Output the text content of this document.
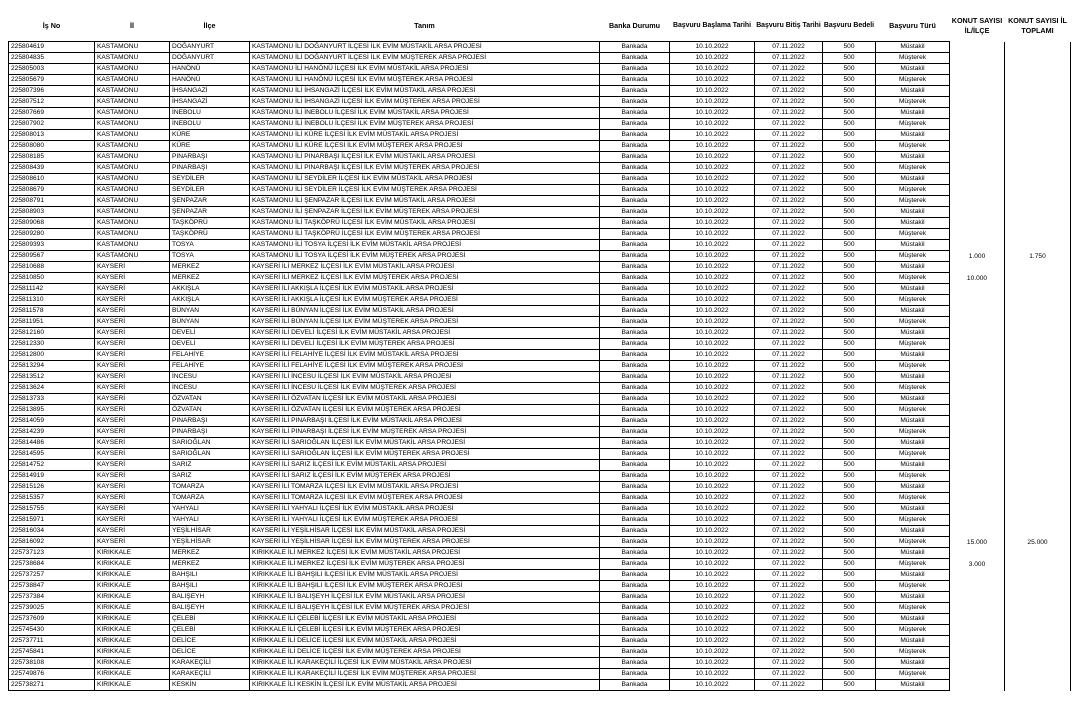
İş No	İl	İlçe	Tanım	Banka Durumu	Başvuru Başlama Tarihi	Başvuru Bitiş Tarihi	Başvuru Bedeli	Başvuru Türü	KONUT SAYISI İL/İLÇE	KONUT SAYISI İL TOPLAMI
225804619	KASTAMONU	DOĞANYURT	KASTAMONU İLİ DOĞANYURT İLÇESİ İLK EVİM MÜSTAKİL ARSA PROJESİ	Bankada	10.10.2022	07.11.2022	500	Müstakil		
225804835	KASTAMONU	DOĞANYURT	KASTAMONU İLİ DOĞANYURT İLÇESİ İLK EVİM MÜŞTEREK ARSA PROJESİ	Bankada	10.10.2022	07.11.2022	500	Müşterek		
225805003	KASTAMONU	HANÖNÜ	KASTAMONU İLİ HANÖNÜ İLÇESİ İLK EVİM MÜSTAKİL ARSA PROJESİ	Bankada	10.10.2022	07.11.2022	500	Müstakil		
225805679	KASTAMONU	HANÖNÜ	KASTAMONU İLİ HANÖNÜ İLÇESİ İLK EVİM MÜŞTEREK ARSA PROJESİ	Bankada	10.10.2022	07.11.2022	500	Müşterek		
225807396	KASTAMONU	İHSANGAZİ	KASTAMONU İLİ İHSANGAZİ İLÇESİ İLK EVİM MÜSTAKİL ARSA PROJESİ	Bankada	10.10.2022	07.11.2022	500	Müstakil		
225807512	KASTAMONU	İHSANGAZİ	KASTAMONU İLİ İHSANGAZİ İLÇESİ İLK EVİM MÜŞTEREK ARSA PROJESİ	Bankada	10.10.2022	07.11.2022	500	Müşterek		
225807669	KASTAMONU	İNEBOLU	KASTAMONU İLİ İNEBOLU İLÇESİ İLK EVİM MÜSTAKİL ARSA PROJESİ	Bankada	10.10.2022	07.11.2022	500	Müstakil		
225807902	KASTAMONU	İNEBOLU	KASTAMONU İLİ İNEBOLU İLÇESİ İLK EVİM MÜŞTEREK ARSA PROJESİ	Bankada	10.10.2022	07.11.2022	500	Müşterek		
225808013	KASTAMONU	KÜRE	KASTAMONU İLİ KÜRE İLÇESİ İLK EVİM MÜSTAKİL ARSA PROJESİ	Bankada	10.10.2022	07.11.2022	500	Müstakil		
225808080	KASTAMONU	KÜRE	KASTAMONU İLİ KÜRE İLÇESİ İLK EVİM MÜŞTEREK ARSA PROJESİ	Bankada	10.10.2022	07.11.2022	500	Müşterek		
225808185	KASTAMONU	PINARBAŞI	KASTAMONU İLİ PINARBAŞI İLÇESİ İLK EVİM MÜSTAKİL ARSA PROJESİ	Bankada	10.10.2022	07.11.2022	500	Müstakil		
225808439	KASTAMONU	PINARBAŞI	KASTAMONU İLİ PINARBAŞI İLÇESİ İLK EVİM MÜŞTEREK ARSA PROJESİ	Bankada	10.10.2022	07.11.2022	500	Müşterek		
225808610	KASTAMONU	SEYDİLER	KASTAMONU İLİ SEYDİLER İLÇESİ İLK EVİM MÜSTAKİL ARSA PROJESİ	Bankada	10.10.2022	07.11.2022	500	Müstakil		
225808679	KASTAMONU	SEYDİLER	KASTAMONU İLİ SEYDİLER İLÇESİ İLK EVİM MÜŞTEREK ARSA PROJESİ	Bankada	10.10.2022	07.11.2022	500	Müşterek		
225808791	KASTAMONU	ŞENPAZAR	KASTAMONU İLİ ŞENPAZAR İLÇESİ İLK EVİM MÜSTAKİL ARSA PROJESİ	Bankada	10.10.2022	07.11.2022	500	Müşterek		
225808903	KASTAMONU	ŞENPAZAR	KASTAMONU İLİ ŞENPAZAR İLÇESİ İLK EVİM MÜŞTEREK ARSA PROJESİ	Bankada	10.10.2022	07.11.2022	500	Müstakil		
225809068	KASTAMONU	TAŞKÖPRÜ	KASTAMONU İLİ TAŞKÖPRÜ İLÇESİ İLK EVİM MÜSTAKİL ARSA PROJESİ	Bankada	10.10.2022	07.11.2022	500	Müstakil		
225809280	KASTAMONU	TAŞKÖPRÜ	KASTAMONU İLİ TAŞKÖPRÜ İLÇESİ İLK EVİM MÜŞTEREK ARSA PROJESİ	Bankada	10.10.2022	07.11.2022	500	Müşterek		
225809393	KASTAMONU	TOSYA	KASTAMONU İLİ TOSYA İLÇESİ İLK EVİM MÜSTAKİL ARSA PROJESİ	Bankada	10.10.2022	07.11.2022	500	Müstakil		
225809567	KASTAMONU	TOSYA	KASTAMONU İLİ TOSYA İLÇESİ İLK EVİM MÜŞTEREK ARSA PROJESİ	Bankada	10.10.2022	07.11.2022	500	Müşterek	1.000	1.750
225810688	KAYSERİ	MERKEZ	KAYSERİ İLİ MERKEZ İLÇESİ İLK EVİM MÜSTAKİL ARSA PROJESİ	Bankada	10.10.2022	07.11.2022	500	Müstakil		
225810850	KAYSERİ	MERKEZ	KAYSERİ İLİ MERKEZ İLÇESİ İLK EVİM MÜŞTEREK ARSA PROJESİ	Bankada	10.10.2022	07.11.2022	500	Müşterek	10.000	
225811142	KAYSERİ	AKKIŞLA	KAYSERİ İLİ AKKIŞLA İLÇESİ İLK EVİM MÜSTAKİL ARSA PROJESİ	Bankada	10.10.2022	07.11.2022	500	Müstakil		
225811310	KAYSERİ	AKKIŞLA	KAYSERİ İLİ AKKIŞLA İLÇESİ İLK EVİM MÜŞTEREK ARSA PROJESİ	Bankada	10.10.2022	07.11.2022	500	Müşterek		
225811578	KAYSERİ	BÜNYAN	KAYSERİ İLİ BÜNYAN İLÇESİ İLK EVİM MÜSTAKİL ARSA PROJESİ	Bankada	10.10.2022	07.11.2022	500	Müstakil		
225811951	KAYSERİ	BÜNYAN	KAYSERİ İLİ BÜNYAN İLÇESİ İLK EVİM MÜŞTEREK ARSA PROJESİ	Bankada	10.10.2022	07.11.2022	500	Müşterek		
225812160	KAYSERİ	DEVELİ	KAYSERİ İLİ DEVELİ İLÇESİ İLK EVİM MÜSTAKİL ARSA PROJESİ	Bankada	10.10.2022	07.11.2022	500	Müstakil		
225812330	KAYSERİ	DEVELİ	KAYSERİ İLİ DEVELİ İLÇESİ İLK EVİM MÜŞTEREK ARSA PROJESİ	Bankada	10.10.2022	07.11.2022	500	Müşterek		
225812800	KAYSERİ	FELAHİYE	KAYSERİ İLİ FELAHİYE İLÇESİ İLK EVİM MÜSTAKİL ARSA PROJESİ	Bankada	10.10.2022	07.11.2022	500	Müstakil		
225813294	KAYSERİ	FELAHİYE	KAYSERİ İLİ FELAHİYE İLÇESİ İLK EVİM MÜŞTEREK ARSA PROJESİ	Bankada	10.10.2022	07.11.2022	500	Müşterek		
225813512	KAYSERİ	İNCESU	KAYSERİ İLİ İNCESU İLÇESİ İLK EVİM MÜSTAKİL ARSA PROJESİ	Bankada	10.10.2022	07.11.2022	500	Müstakil		
225813624	KAYSERİ	İNCESU	KAYSERİ İLİ İNCESU İLÇESİ İLK EVİM MÜŞTEREK ARSA PROJESİ	Bankada	10.10.2022	07.11.2022	500	Müşterek		
225813733	KAYSERİ	ÖZVATAN	KAYSERİ İLİ ÖZVATAN İLÇESİ İLK EVİM MÜSTAKİL ARSA PROJESİ	Bankada	10.10.2022	07.11.2022	500	Müstakil		
225813895	KAYSERİ	ÖZVATAN	KAYSERİ İLİ ÖZVATAN İLÇESİ İLK EVİM MÜŞTEREK ARSA PROJESİ	Bankada	10.10.2022	07.11.2022	500	Müşterek		
225814059	KAYSERİ	PINARBAŞI	KAYSERİ İLİ PINARBAŞI İLÇESİ İLK EVİM MÜSTAKİL ARSA PROJESİ	Bankada	10.10.2022	07.11.2022	500	Müstakil		
225814239	KAYSERİ	PINARBAŞI	KAYSERİ İLİ PINARBAŞI İLÇESİ İLK EVİM MÜŞTEREK ARSA PROJESİ	Bankada	10.10.2022	07.11.2022	500	Müşterek		
225814486	KAYSERİ	SARIOĞLAN	KAYSERİ İLİ SARIOĞLAN İLÇESİ İLK EVİM MÜSTAKİL ARSA PROJESİ	Bankada	10.10.2022	07.11.2022	500	Müstakil		
225814595	KAYSERİ	SARIOĞLAN	KAYSERİ İLİ SARIOĞLAN İLÇESİ İLK EVİM MÜŞTEREK ARSA PROJESİ	Bankada	10.10.2022	07.11.2022	500	Müşterek		
225814752	KAYSERİ	SARIZ	KAYSERİ İLİ SARIZ İLÇESİ İLK EVİM MÜSTAKİL ARSA PROJESİ	Bankada	10.10.2022	07.11.2022	500	Müstakil		
225814919	KAYSERİ	SARIZ	KAYSERİ İLİ SARIZ İLÇESİ İLK EVİM MÜŞTEREK ARSA PROJESİ	Bankada	10.10.2022	07.11.2022	500	Müşterek		
225815126	KAYSERİ	TOMARZA	KAYSERİ İLİ TOMARZA İLÇESİ İLK EVİM MÜSTAKİL ARSA PROJESİ	Bankada	10.10.2022	07.11.2022	500	Müstakil		
225815357	KAYSERİ	TOMARZA	KAYSERİ İLİ TOMARZA İLÇESİ İLK EVİM MÜŞTEREK ARSA PROJESİ	Bankada	10.10.2022	07.11.2022	500	Müşterek		
225815755	KAYSERİ	YAHYALI	KAYSERİ İLİ YAHYALI İLÇESİ İLK EVİM MÜSTAKİL ARSA PROJESİ	Bankada	10.10.2022	07.11.2022	500	Müstakil		
225815971	KAYSERİ	YAHYALI	KAYSERİ İLİ YAHYALI İLÇESİ İLK EVİM MÜŞTEREK ARSA PROJESİ	Bankada	10.10.2022	07.11.2022	500	Müşterek		
225816034	KAYSERİ	YEŞİLHİSAR	KAYSERİ İLİ YEŞİLHİSAR İLÇESİ İLK EVİM MÜSTAKİL ARSA PROJESİ	Bankada	10.10.2022	07.11.2022	500	Müstakil		
225816092	KAYSERİ	YEŞİLHİSAR	KAYSERİ İLİ YEŞİLHİSAR İLÇESİ İLK EVİM MÜŞTEREK ARSA PROJESİ	Bankada	10.10.2022	07.11.2022	500	Müşterek	15.000	25.000
225737123	KIRIKKALE	MERKEZ	KIRIKKALE İLİ MERKEZ İLÇESİ İLK EVİM MÜSTAKİL ARSA PROJESİ	Bankada	10.10.2022	07.11.2022	500	Müstakil		
225738684	KIRIKKALE	MERKEZ	KIRIKKALE İLİ MERKEZ İLÇESİ İLK EVİM MÜŞTEREK ARSA PROJESİ	Bankada	10.10.2022	07.11.2022	500	Müşterek	3.000	
225737257	KIRIKKALE	BAHŞILI	KIRIKKALE İLİ BAHŞILI İLÇESİ İLK EVİM MÜSTAKİL ARSA PROJESİ	Bankada	10.10.2022	07.11.2022	500	Müstakil		
225738847	KIRIKKALE	BAHŞILI	KIRIKKALE İLİ BAHŞILI İLÇESİ İLK EVİM MÜŞTEREK ARSA PROJESİ	Bankada	10.10.2022	07.11.2022	500	Müşterek		
225737384	KIRIKKALE	BALIŞEYH	KIRIKKALE İLİ BALIŞEYH İLÇESİ İLK EVİM MÜSTAKİL ARSA PROJESİ	Bankada	10.10.2022	07.11.2022	500	Müstakil		
225739025	KIRIKKALE	BALIŞEYH	KIRIKKALE İLİ BALIŞEYH İLÇESİ İLK EVİM MÜŞTEREK ARSA PROJESİ	Bankada	10.10.2022	07.11.2022	500	Müşterek		
225737609	KIRIKKALE	ÇELEBİ	KIRIKKALE İLİ ÇELEBİ İLÇESİ İLK EVİM MÜSTAKİL ARSA PROJESİ	Bankada	10.10.2022	07.11.2022	500	Müstakil		
225745430	KIRIKKALE	ÇELEBİ	KIRIKKALE İLİ ÇELEBİ İLÇESİ İLK EVİM MÜŞTEREK ARSA PROJESİ	Bankada	10.10.2022	07.11.2022	500	Müşterek		
225737711	KIRIKKALE	DELİCE	KIRIKKALE İLİ DELİCE İLÇESİ İLK EVİM MÜSTAKİL ARSA PROJESİ	Bankada	10.10.2022	07.11.2022	500	Müstakil		
225745841	KIRIKKALE	DELİCE	KIRIKKALE İLİ DELİCE İLÇESİ İLK EVİM MÜŞTEREK ARSA PROJESİ	Bankada	10.10.2022	07.11.2022	500	Müşterek		
225738108	KIRIKKALE	KARAKEÇİLİ	KIRIKKALE İLİ KARAKEÇİLİ İLÇESİ İLK EVİM MÜSTAKİL ARSA PROJESİ	Bankada	10.10.2022	07.11.2022	500	Müstakil		
225749876	KIRIKKALE	KARAKEÇİLİ	KIRIKKALE İLİ KARAKEÇİLİ İLÇESİ İLK EVİM MÜŞTEREK ARSA PROJESİ	Bankada	10.10.2022	07.11.2022	500	Müşterek		
225738271	KIRIKKALE	KESKİN	KIRIKKALE İLİ KESKİN İLÇESİ İLK EVİM MÜSTAKİL ARSA PROJESİ	Bankada	10.10.2022	07.11.2022	500	Müstakil		
